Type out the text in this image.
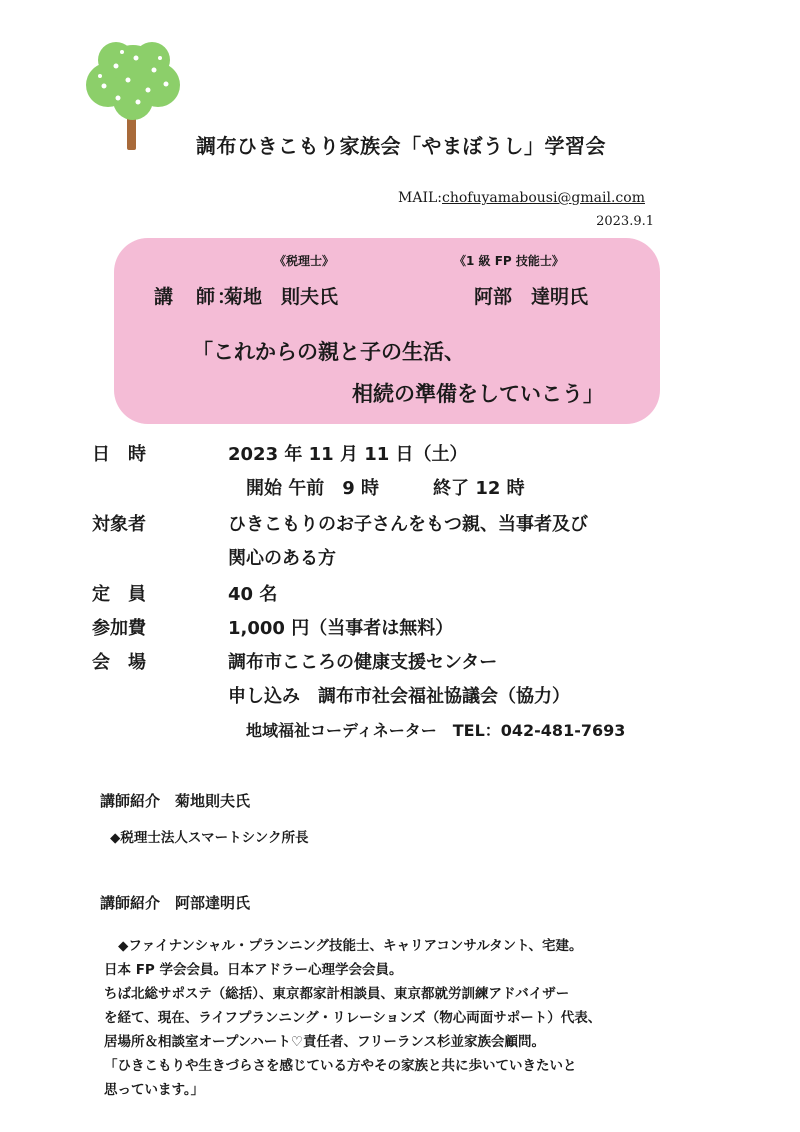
調布ひきこもり家族会「やまぼうし」学習会
MAIL:chofuyamabousi@gmail.com
2023.9.1
《税理士》	《1 級 FP 技能士》
講　師：
菊地　則夫氏	阿部　達明氏
「これからの親と子の生活、
相続の準備をしていこう」
日　時	2023 年 11 月 11 日（土）
開始 午前　9 時　　　終了 12 時
対象者	ひきこもりのお子さんをもつ親、当事者及び
関心のある方
定　員	40 名
参加費	1,000 円（当事者は無料）
会　場	調布市こころの健康支援センター
申し込み　調布市社会福祉協議会（協力）
地域福祉コーディネーター　TEL：042-481-7693
講師紹介　菊地則夫氏
◆税理士法人スマートシンク所長
講師紹介　阿部達明氏
◆ファイナンシャル・プランニング技能士、キャリアコンサルタント、宅建。
日本 FP 学会会員。日本アドラー心理学会会員。
ちば北総サポステ（総括）、東京都家計相談員、東京都就労訓練アドバイザー
を経て、現在、ライフプランニング・リレーションズ（物心両面サポート）代表、
居場所＆相談室オープンハート♡責任者、フリーランス杉並家族会顧問。
「ひきこもりや生きづらさを感じている方やその家族と共に歩いていきたいと
思っています。」
